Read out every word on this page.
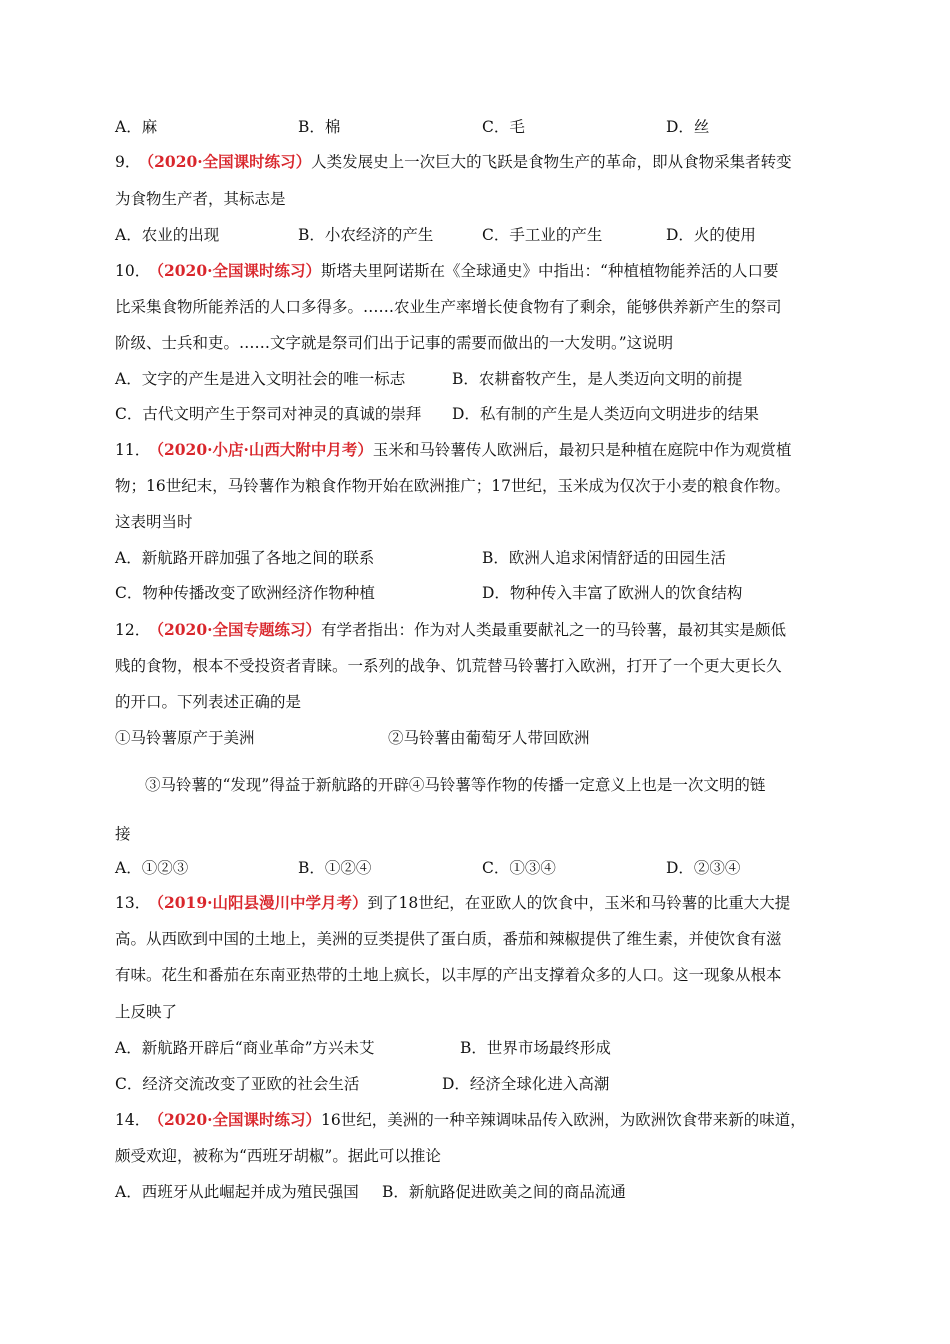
A．麻	B．棉	C．毛	D．丝
9． （2020·全国课时练习）人类发展史上一次巨大的飞跃是食物生产的革命，即从食物采集者转变
为食物生产者，其标志是
A．农业的出现	B．小农经济的产生	C．手工业的产生	D．火的使用
10． （2020·全国课时练习）斯塔夫里阿诺斯在《全球通史》中指出：“种植植物能养活的人口要
比采集食物所能养活的人口多得多。……农业生产率增长使食物有了剩余，能够供养新产生的祭司
阶级、士兵和吏。……文字就是祭司们出于记事的需要而做出的一大发明。”这说明
A．文字的产生是进入文明社会的唯一标志	B．农耕畜牧产生，是人类迈向文明的前提
C．古代文明产生于祭司对神灵的真诚的崇拜 D．私有制的产生是人类迈向文明进步的结果
11． （2020·小店·山西大附中月考）玉米和马铃薯传人欧洲后，最初只是种植在庭院中作为观赏植
物；16世纪末，马铃薯作为粮食作物开始在欧洲推广；17世纪，玉米成为仅次于小麦的粮食作物。
这表明当时
A．新航路开辟加强了各地之间的联系	B．欧洲人追求闲情舒适的田园生活
C．物种传播改变了欧洲经济作物种植	D．物种传入丰富了欧洲人的饮食结构
12． （2020·全国专题练习）有学者指出：作为对人类最重要献礼之一的马铃薯，最初其实是颇低
贱的食物，根本不受投资者青睐。一系列的战争、饥荒替马铃薯打入欧洲，打开了一个更大更长久
的开口。下列表述正确的是
①马铃薯原产于美洲	②马铃薯由葡萄牙人带回欧洲
③马铃薯的“发现”得益于新航路的开辟④马铃薯等作物的传播一定意义上也是一次文明的链
接
A．①②③	B．①②④	C．①③④	D．②③④
13． （2019·山阳县漫川中学月考）到了18世纪，在亚欧人的饮食中，玉米和马铃薯的比重大大提
高。从西欧到中国的土地上，美洲的豆类提供了蛋白质，番茄和辣椒提供了维生素，并使饮食有滋
有味。花生和番茄在东南亚热带的土地上疯长，以丰厚的产出支撑着众多的人口。这一现象从根本
上反映了
A．新航路开辟后“商业革命”方兴未艾	B．世界市场最终形成
C．经济交流改变了亚欧的社会生活	D．经济全球化进入高潮
14． （2020·全国课时练习）16世纪，美洲的一种辛辣调味品传入欧洲，为欧洲饮食带来新的味道，
颇受欢迎，被称为“西班牙胡椒”。据此可以推论
A．西班牙从此崛起并成为殖民强国 B．新航路促进欧美之间的商品流通
